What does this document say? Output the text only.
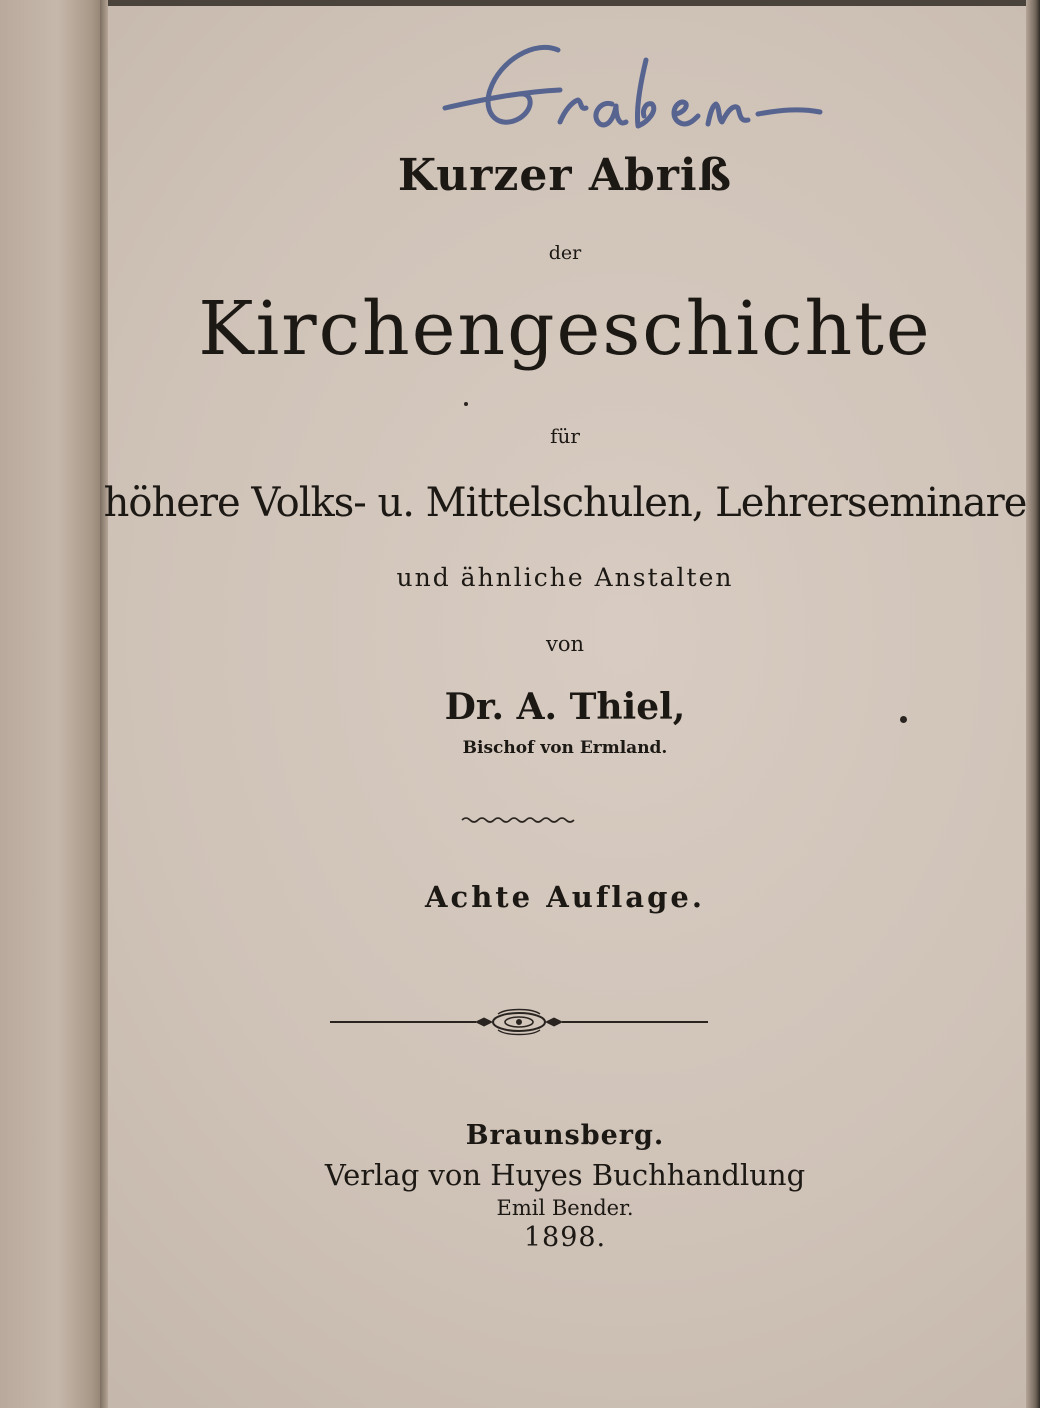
Kurzer Abriß
der
Kirchengeschichte
für
höhere Volks- u. Mittelschulen, Lehrerseminare
und ähnliche Anstalten
von
Dr. A. Thiel,
Bischof von Ermland.
Achte Auflage.
Braunsberg.
Verlag von Huyes Buchhandlung
Emil Bender.
1898.
